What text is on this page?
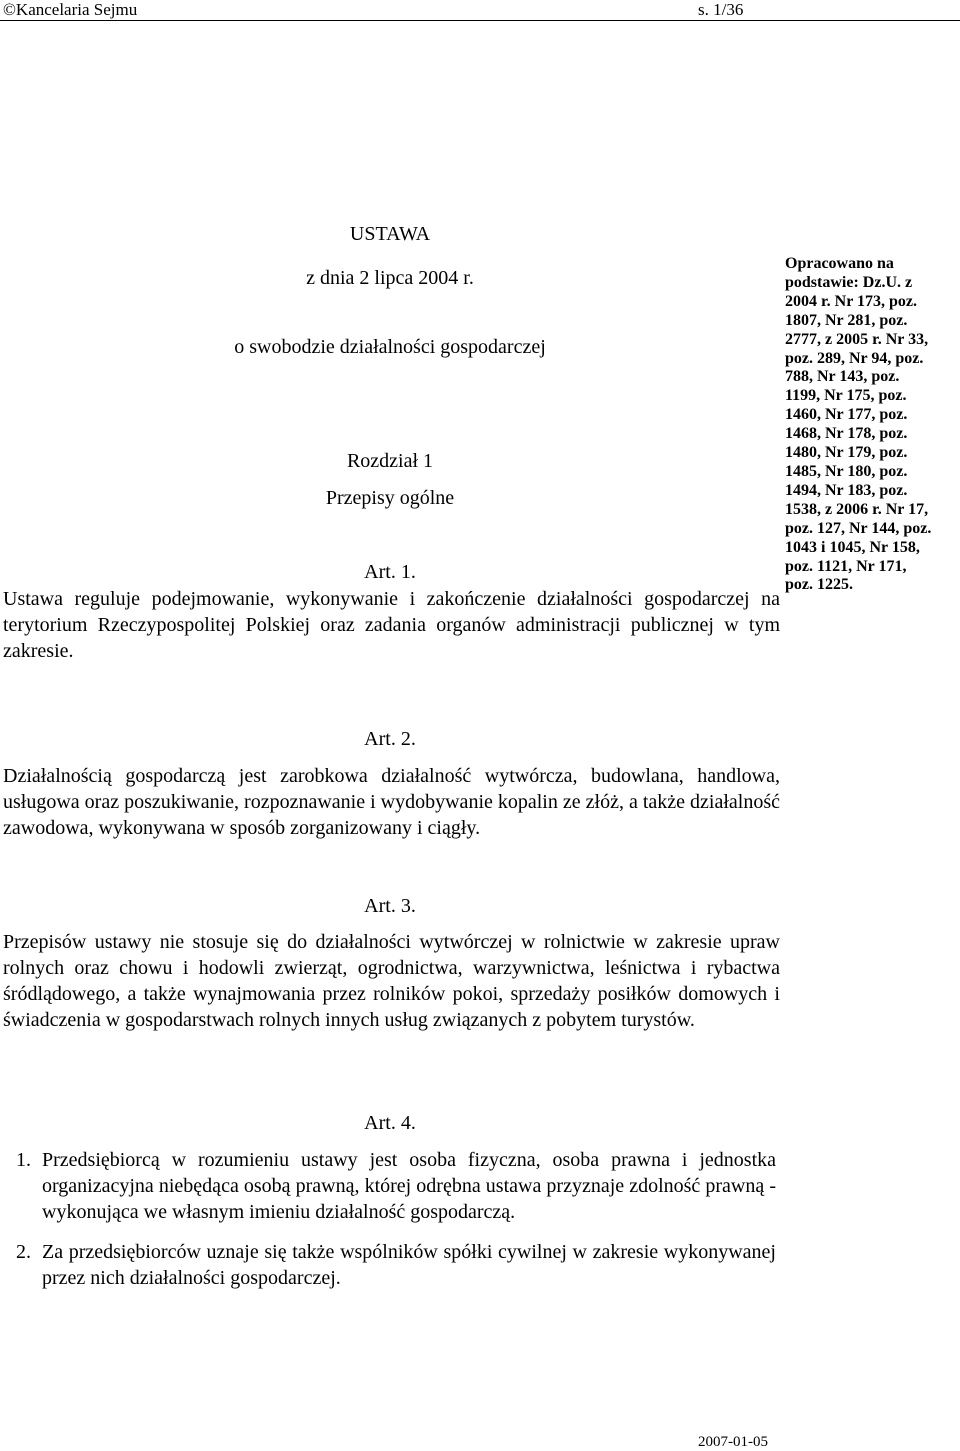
©Kancelaria Sejmu	s. 1/36
USTAWA
z dnia 2 lipca 2004 r.
o swobodzie działalności gospodarczej
Rozdział 1
Przepisy ogólne
Opracowano na
podstawie: Dz.U. z
2004 r. Nr 173, poz.
1807, Nr 281, poz.
2777, z 2005 r. Nr 33,
poz. 289, Nr 94, poz.
788, Nr 143, poz.
1199, Nr 175, poz.
1460, Nr 177, poz.
1468, Nr 178, poz.
1480, Nr 179, poz.
1485, Nr 180, poz.
1494, Nr 183, poz.
1538, z 2006 r. Nr 17,
poz. 127, Nr 144, poz.
1043 i 1045, Nr 158,
poz. 1121, Nr 171,
poz. 1225.
Art. 1.
Ustawa reguluje podejmowanie, wykonywanie i zakończenie działalności gospodarczej na terytorium Rzeczypospolitej Polskiej oraz zadania organów administracji publicznej w tym zakresie.
Art. 2.
Działalnością gospodarczą jest zarobkowa działalność wytwórcza, budowlana, handlowa, usługowa oraz poszukiwanie, rozpoznawanie i wydobywanie kopalin ze złóż, a także działalność zawodowa, wykonywana w sposób zorganizowany i ciągły.
Art. 3.
Przepisów ustawy nie stosuje się do działalności wytwórczej w rolnictwie w zakresie upraw rolnych oraz chowu i hodowli zwierząt, ogrodnictwa, warzywnictwa, leśnictwa i rybactwa śródlądowego, a także wynajmowania przez rolników pokoi, sprzedaży posiłków domowych i świadczenia w gospodarstwach rolnych innych usług związanych z pobytem turystów.
Art. 4.
1. Przedsiębiorcą w rozumieniu ustawy jest osoba fizyczna, osoba prawna i jednostka organizacyjna niebędąca osobą prawną, której odrębna ustawa przyznaje zdolność prawną - wykonująca we własnym imieniu działalność gospodarczą.
2. Za przedsiębiorców uznaje się także wspólników spółki cywilnej w zakresie wykonywanej przez nich działalności gospodarczej.
2007-01-05
